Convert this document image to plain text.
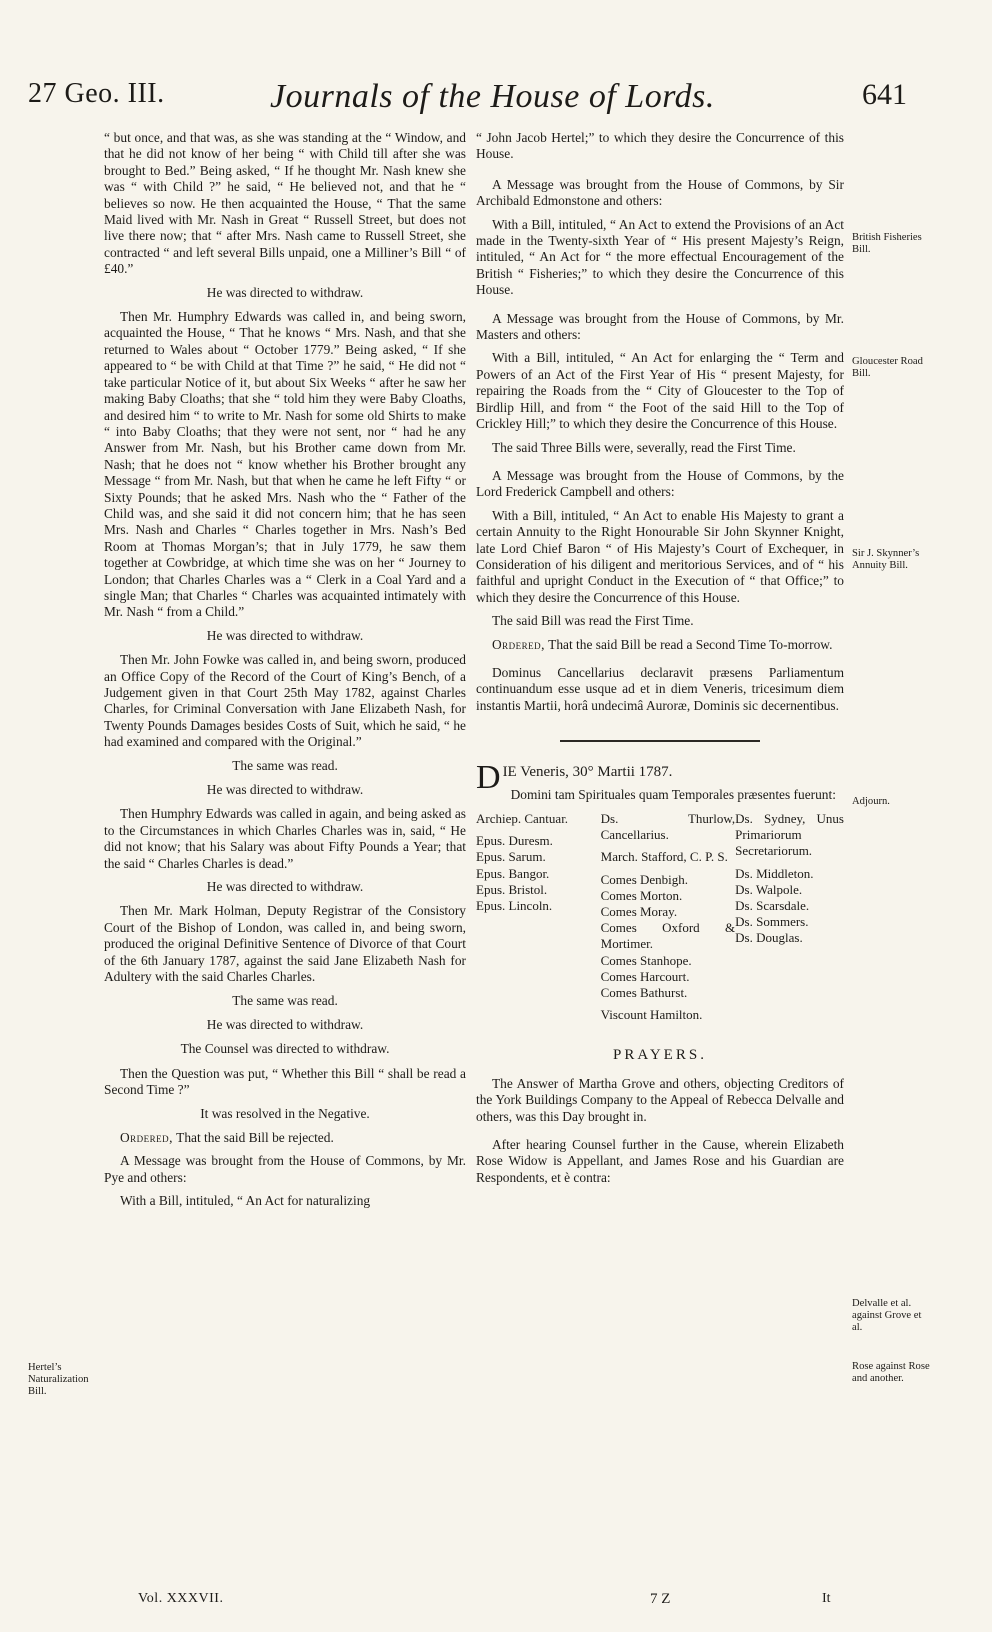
27 Geo. III.	Journals of the House of Lords.	641

“ but once, and that was, as she was standing at the “ Window, and that he did not know of her being “ with Child till after she was brought to Bed.” Being asked, “ If he thought Mr. Nash knew she was “ with Child ?” he said, “ He believed not, and that he “ believes so now. He then acquainted the House, “ That the same Maid lived with Mr. Nash in Great “ Russell Street, but does not live there now; that “ after Mrs. Nash came to Russell Street, she contracted “ and left several Bills unpaid, one a Milliner’s Bill “ of £40.”

He was directed to withdraw.

Then Mr. Humphry Edwards was called in, and being sworn, acquainted the House, “ That he knows “ Mrs. Nash, and that she returned to Wales about “ October 1779.” Being asked, “ If she appeared to “ be with Child at that Time ?” he said, “ He did not “ take particular Notice of it, but about Six Weeks “ after he saw her making Baby Cloaths; that she “ told him they were Baby Cloaths, and desired him “ to write to Mr. Nash for some old Shirts to make “ into Baby Cloaths; that they were not sent, nor “ had he any Answer from Mr. Nash, but his Brother came down from Mr. Nash; that he does not “ know whether his Brother brought any Message “ from Mr. Nash, but that when he came he left Fifty “ or Sixty Pounds; that he asked Mrs. Nash who the “ Father of the Child was, and she said it did not concern him; that he has seen Mrs. Nash and Charles “ Charles together in Mrs. Nash’s Bed Room at Thomas Morgan’s; that in July 1779, he saw them together at Cowbridge, at which time she was on her “ Journey to London; that Charles Charles was a “ Clerk in a Coal Yard and a single Man; that Charles “ Charles was acquainted intimately with Mr. Nash “ from a Child.”

He was directed to withdraw.

Then Mr. John Fowke was called in, and being sworn, produced an Office Copy of the Record of the Court of King’s Bench, of a Judgement given in that Court 25th May 1782, against Charles Charles, for Criminal Conversation with Jane Elizabeth Nash, for Twenty Pounds Damages besides Costs of Suit, which he said, “ he had examined and compared with the Original.”

The same was read.

He was directed to withdraw.

Then Humphry Edwards was called in again, and being asked as to the Circumstances in which Charles Charles was in, said, “ He did not know; that his Salary was about Fifty Pounds a Year; that the said “ Charles Charles is dead.”

He was directed to withdraw.

Then Mr. Mark Holman, Deputy Registrar of the Consistory Court of the Bishop of London, was called in, and being sworn, produced the original Definitive Sentence of Divorce of that Court of the 6th January 1787, against the said Jane Elizabeth Nash for Adultery with the said Charles Charles.

The same was read.

He was directed to withdraw.

The Counsel was directed to withdraw.

Then the Question was put, “ Whether this Bill “ shall be read a Second Time ?”

It was resolved in the Negative.

Ordered, That the said Bill be rejected.

A Message was brought from the House of Commons, by Mr. Pye and others:

With a Bill, intituled, “ An Act for naturalizing

“ John Jacob Hertel;” to which they desire the Concurrence of this House.

A Message was brought from the House of Commons, by Sir Archibald Edmonstone and others:

With a Bill, intituled, “ An Act to extend the Provisions of an Act made in the Twenty-sixth Year of “ His present Majesty’s Reign, intituled, “ An Act for “ the more effectual Encouragement of the British “ Fisheries;” to which they desire the Concurrence of this House.

A Message was brought from the House of Commons, by Mr. Masters and others:

With a Bill, intituled, “ An Act for enlarging the “ Term and Powers of an Act of the First Year of His “ present Majesty, for repairing the Roads from the “ City of Gloucester to the Top of Birdlip Hill, and from “ the Foot of the said Hill to the Top of Crickley Hill;” to which they desire the Concurrence of this House.

The said Three Bills were, severally, read the First Time.

A Message was brought from the House of Commons, by the Lord Frederick Campbell and others:

With a Bill, intituled, “ An Act to enable His Majesty to grant a certain Annuity to the Right Honourable Sir John Skynner Knight, late Lord Chief Baron “ of His Majesty’s Court of Exchequer, in Consideration of his diligent and meritorious Services, and of “ his faithful and upright Conduct in the Execution of “ that Office;” to which they desire the Concurrence of this House.

The said Bill was read the First Time.

Ordered, That the said Bill be read a Second Time To-morrow.

Dominus Cancellarius declaravit præsens Parliamentum continuandum esse usque ad et in diem Veneris, tricesimum diem instantis Martii, horâ undecimâ Auroræ, Dominis sic decernentibus.

DIE Veneris, 30° Martii 1787.

Domini tam Spirituales quam Temporales præsentes fuerunt:

Archiep. Cantuar.

Epus. Duresm.

Epus. Sarum.

Epus. Bangor.

Epus. Bristol.

Epus. Lincoln.

Ds. Thurlow, Cancellarius.

March. Stafford, C. P. S.

Comes Denbigh.

Comes Morton.

Comes Moray.

Comes Oxford & Mortimer.

Comes Stanhope.

Comes Harcourt.

Comes Bathurst.

Viscount Hamilton.

Ds. Sydney, Unus Primariorum Secretariorum.

Ds. Middleton.

Ds. Walpole.

Ds. Scarsdale.

Ds. Sommers.

Ds. Douglas.

PRAYERS.

The Answer of Martha Grove and others, objecting Creditors of the York Buildings Company to the Appeal of Rebecca Delvalle and others, was this Day brought in.

After hearing Counsel further in the Cause, wherein Elizabeth Rose Widow is Appellant, and James Rose and his Guardian are Respondents, et è contra:

Hertel’s Naturalization Bill.
British Fisheries Bill.
Gloucester Road Bill.
Sir J. Skynner’s Annuity Bill.
Adjourn.
Delvalle et al. against Grove et al.
Rose against Rose and another.
Vol. XXXVII.	7 Z	It
